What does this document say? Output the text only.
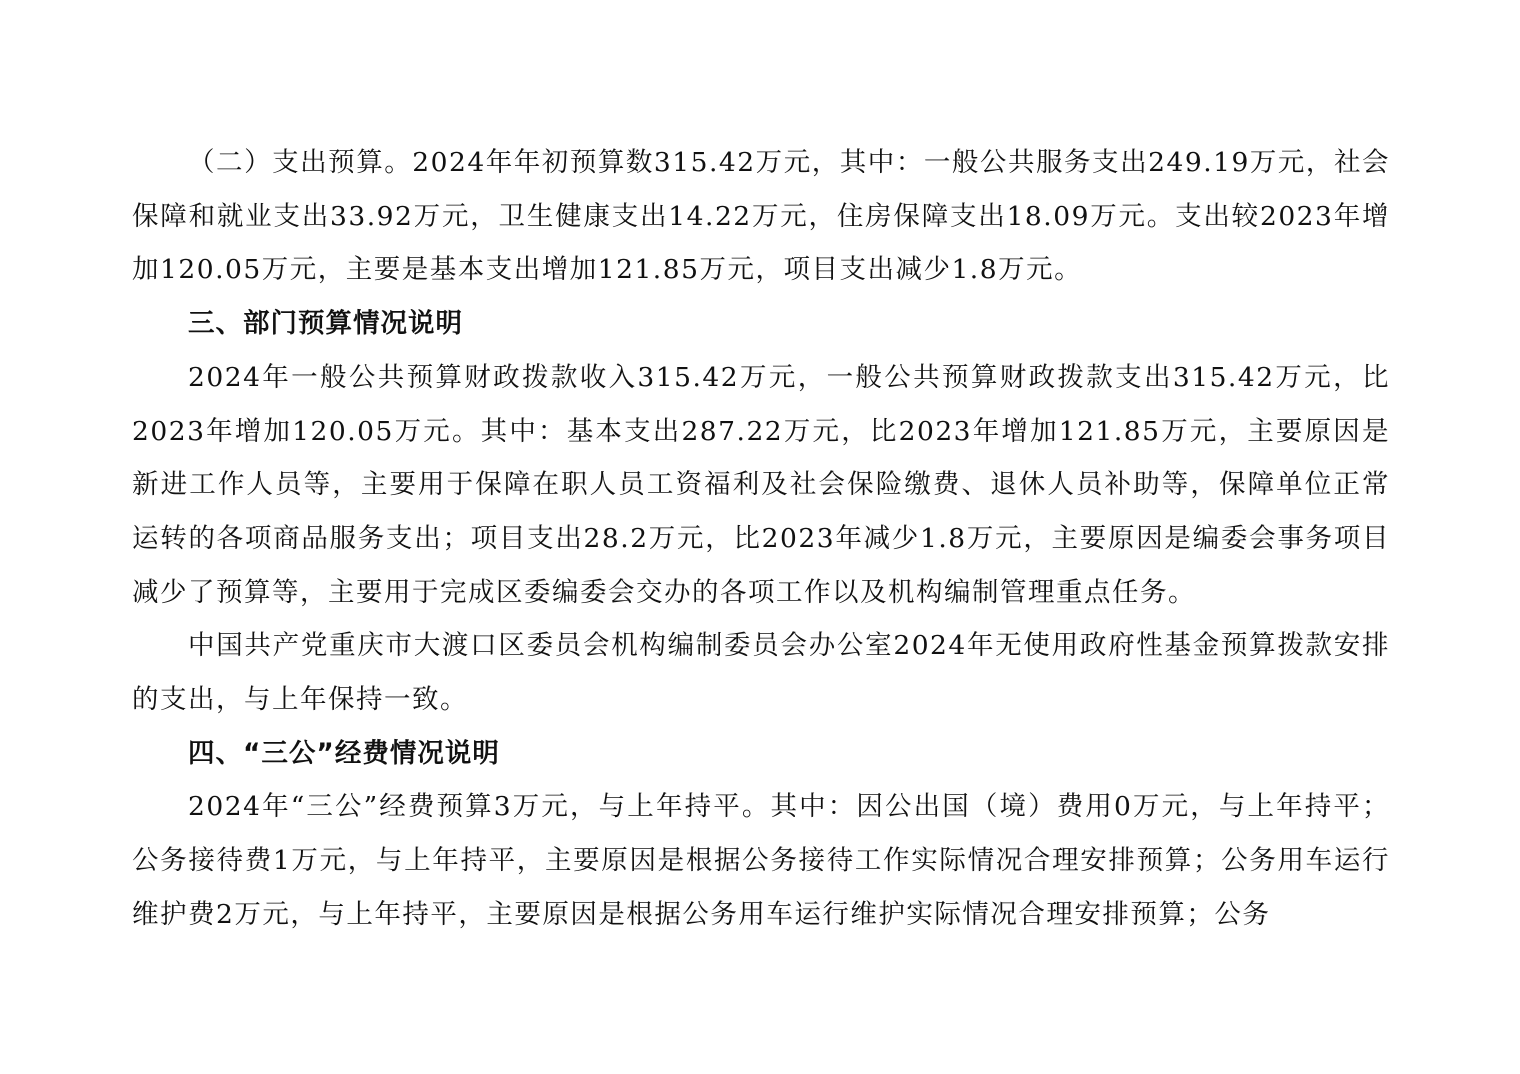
（二）支出预算。2024年年初预算数315.42万元，其中：一般公共服务支出249.19万元，社会保障和就业支出33.92万元，卫生健康支出14.22万元，住房保障支出18.09万元。支出较2023年增加120.05万元，主要是基本支出增加121.85万元，项目支出减少1.8万元。

三、部门预算情况说明

2024年一般公共预算财政拨款收入315.42万元，一般公共预算财政拨款支出315.42万元，比2023年增加120.05万元。其中：基本支出287.22万元，比2023年增加121.85万元，主要原因是新进工作人员等，主要用于保障在职人员工资福利及社会保险缴费、退休人员补助等，保障单位正常运转的各项商品服务支出；项目支出28.2万元，比2023年减少1.8万元，主要原因是编委会事务项目减少了预算等，主要用于完成区委编委会交办的各项工作以及机构编制管理重点任务。

中国共产党重庆市大渡口区委员会机构编制委员会办公室2024年无使用政府性基金预算拨款安排的支出，与上年保持一致。

四、“三公”经费情况说明

2024年“三公”经费预算3万元，与上年持平。其中：因公出国（境）费用0万元，与上年持平；公务接待费1万元，与上年持平，主要原因是根据公务接待工作实际情况合理安排预算；公务用车运行维护费2万元，与上年持平，主要原因是根据公务用车运行维护实际情况合理安排预算；公务
